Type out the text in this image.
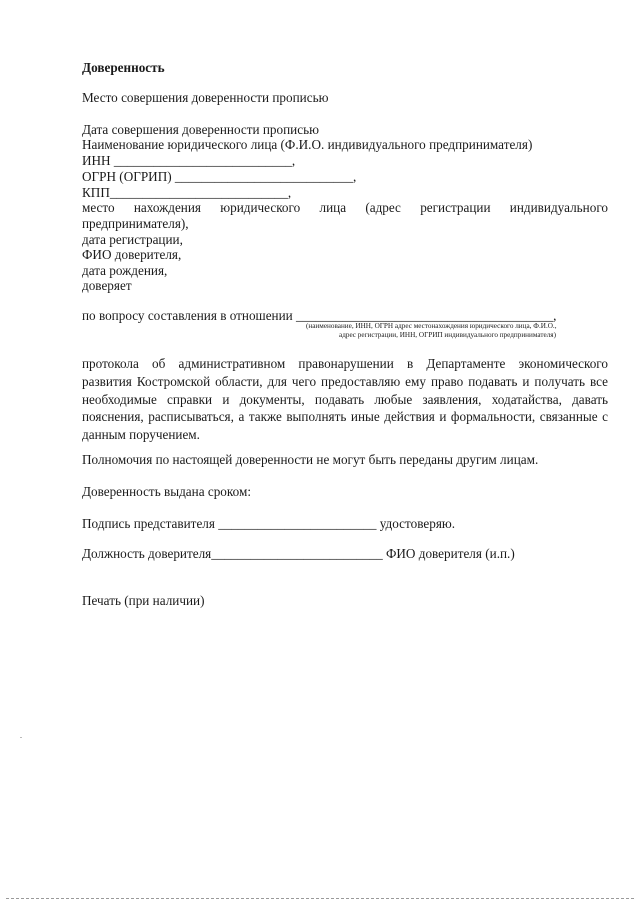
Доверенность
Место совершения доверенности прописью
Дата совершения доверенности прописью
Наименование юридического лица (Ф.И.О. индивидуального предпринимателя)
ИНН ___________________________,
ОГРН (ОГРИП) ___________________________,
КПП___________________________,
место нахождения юридического лица (адрес регистрации индивидуального
предпринимателя),
дата регистрации,
ФИО доверителя,
дата рождения,
доверяет
по вопросу составления в отношении _______________________________________,
(наименование, ИНН, ОГРН адрес местонахождения юридического лица, Ф.И.О.,
адрес регистрации, ИНН, ОГРИП индивидуального предпринимателя)
протокола об административном правонарушении в Департаменте экономического
развития Костромской области, для чего предоставляю ему право подавать и получать все
необходимые справки и документы, подавать любые заявления, ходатайства, давать
пояснения, расписываться, а также выполнять иные действия и формальности, связанные с
данным поручением.
Полномочия по настоящей доверенности не могут быть переданы другим лицам.
Доверенность выдана сроком:
Подпись представителя ________________________ удостоверяю.
Должность доверителя__________________________ ФИО доверителя (и.п.)
Печать (при наличии)
